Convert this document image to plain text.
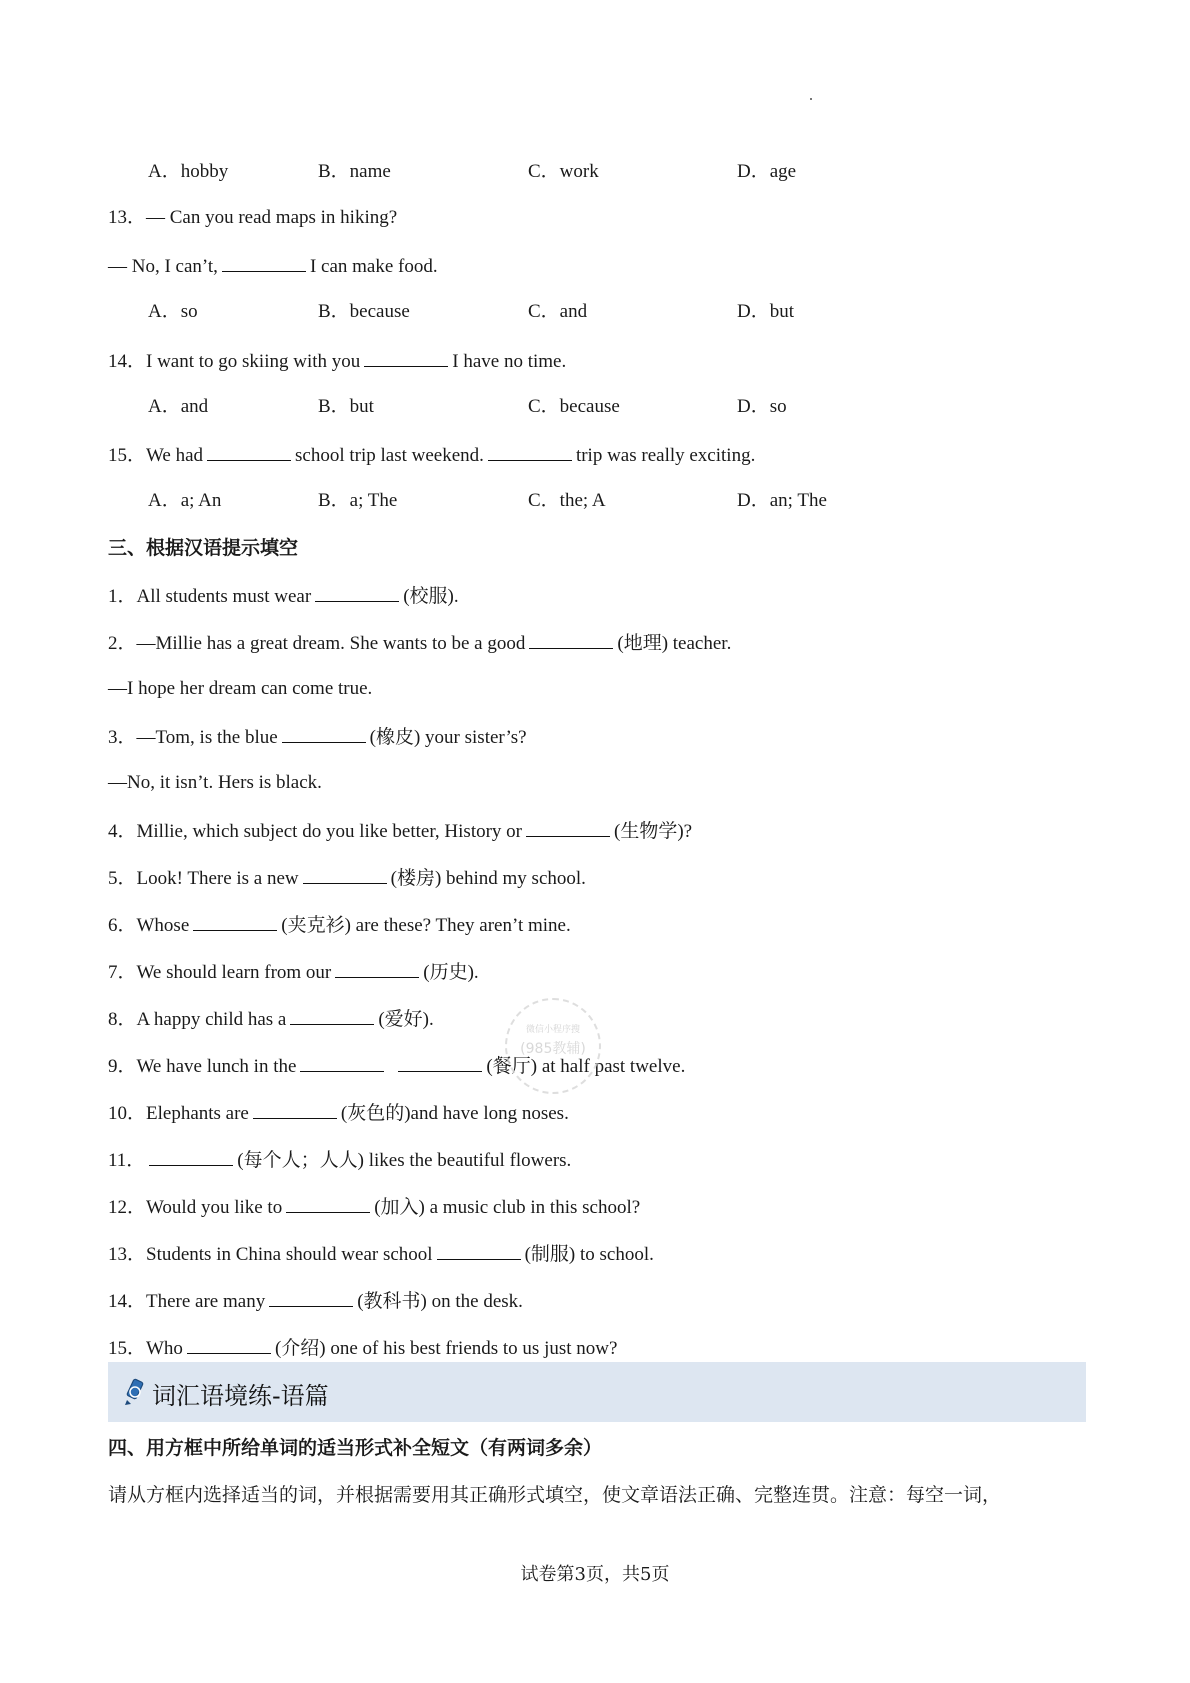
A．hobby	B．name	C．work	D．age
13．— Can you read maps in hiking?
— No, I can’t,	I can make food.
A．so	B．because	C．and	D．but
14．I want to go skiing with you	I have no time.
A．and	B．but	C．because	D．so
15．We had	school trip last weekend.	trip was really exciting.
A．a; An	B．a; The	C．the; A	D．an; The
三、根据汉语提示填空
1．All students must wear	(校服).
2．—Millie has a great dream. She wants to be a good	(地理) teacher.
—I hope her dream can come true.
3．—Tom, is the blue	(橡皮) your sister’s?
—No, it isn’t. Hers is black.
4．Millie, which subject do you like better, History or	(生物学)?
5．Look! There is a new	(楼房) behind my school.
6．Whose	(夹克衫) are these? They aren’t mine.
7．We should learn from our	(历史).
8．A happy child has a	(爱好).
9．We have lunch in the	(餐厅) at half past twelve.
10．Elephants are	(灰色的)and have long noses.
11．	(每个人；人人) likes the beautiful flowers.
12．Would you like to	(加入) a music club in this school?
13．Students in China should wear school	(制服) to school.
14．There are many	(教科书) on the desk.
15．Who	(介绍) one of his best friends to us just now?
微信小程序搜
(985教辅)
词汇语境练-语篇
四、用方框中所给单词的适当形式补全短文（有两词多余）
请从方框内选择适当的词，并根据需要用其正确形式填空，使文章语法正确、完整连贯。注意：每空一词，
试卷第3页，共5页
